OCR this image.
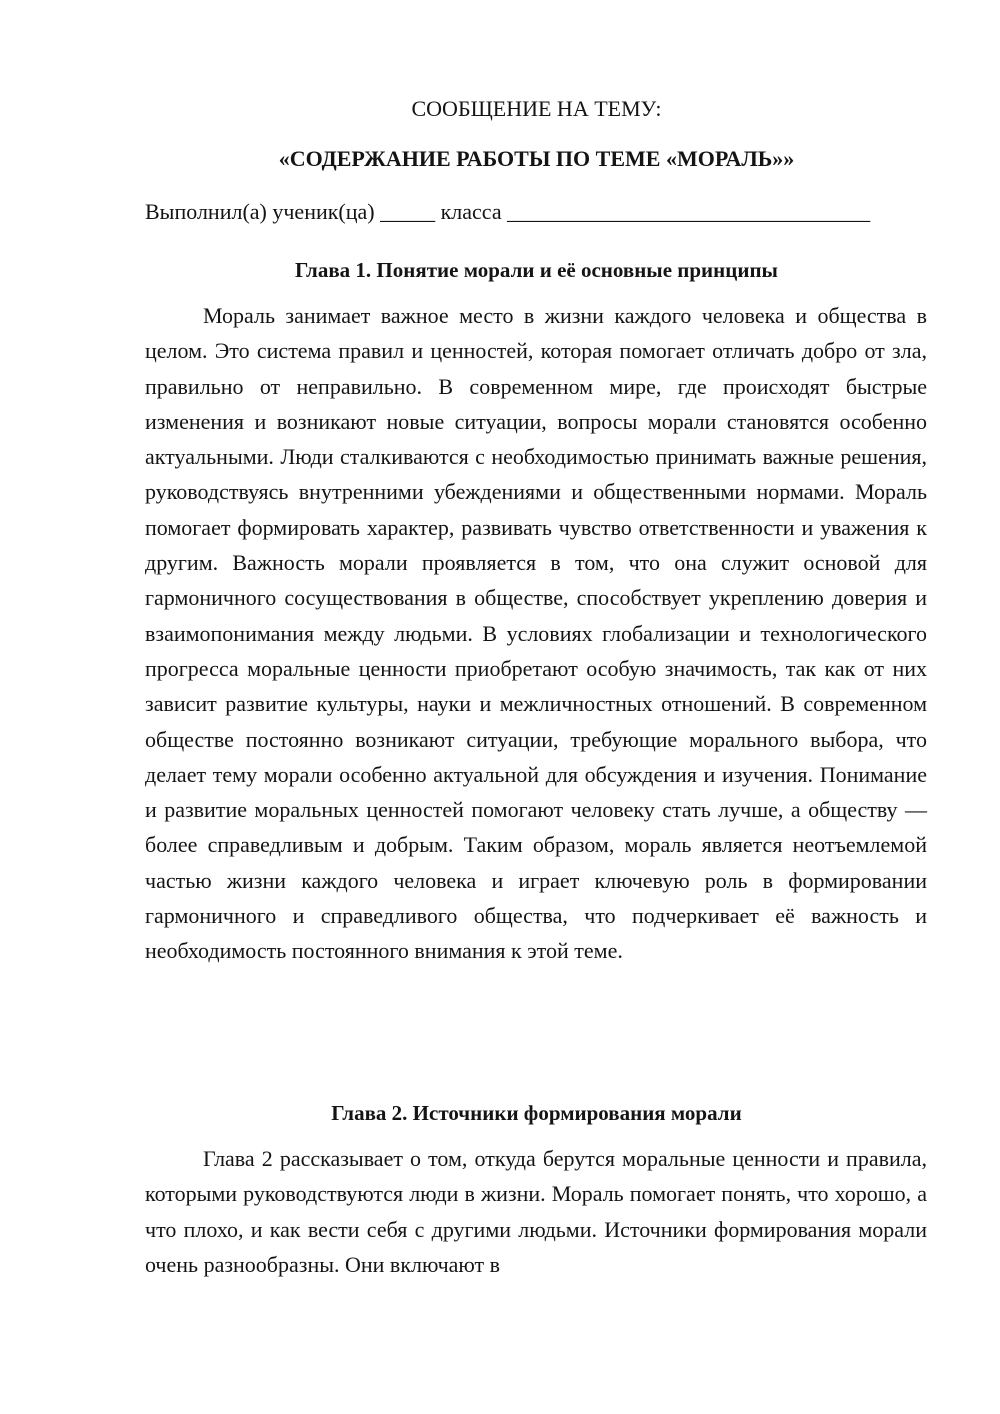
СООБЩЕНИЕ НА ТЕМУ:
«СОДЕРЖАНИЕ РАБОТЫ ПО ТЕМЕ «МОРАЛЬ»»
Выполнил(а) ученик(ца) _____ класса _________________________________
Глава 1. Понятие морали и её основные принципы

Мораль занимает важное место в жизни каждого человека и общества в целом. Это система правил и ценностей, которая помогает отличать добро от зла, правильно от неправильно. В современном мире, где происходят быстрые изменения и возникают новые ситуации, вопросы морали становятся особенно актуальными. Люди сталкиваются с необходимостью принимать важные решения, руководствуясь внутренними убеждениями и общественными нормами. Мораль помогает формировать характер, развивать чувство ответственности и уважения к другим. Важность морали проявляется в том, что она служит основой для гармоничного сосуществования в обществе, способствует укреплению доверия и взаимопонимания между людьми. В условиях глобализации и технологического прогресса моральные ценности приобретают особую значимость, так как от них зависит развитие культуры, науки и межличностных отношений. В современном обществе постоянно возникают ситуации, требующие морального выбора, что делает тему морали особенно актуальной для обсуждения и изучения. Понимание и развитие моральных ценностей помогают человеку стать лучше, а обществу — более справедливым и добрым. Таким образом, мораль является неотъемлемой частью жизни каждого человека и играет ключевую роль в формировании гармоничного и справедливого общества, что подчеркивает её важность и необходимость постоянного внимания к этой теме.

Глава 2. Источники формирования морали

Глава 2 рассказывает о том, откуда берутся моральные ценности и правила, которыми руководствуются люди в жизни. Мораль помогает понять, что хорошо, а что плохо, и как вести себя с другими людьми. Источники формирования морали очень разнообразны. Они включают в
